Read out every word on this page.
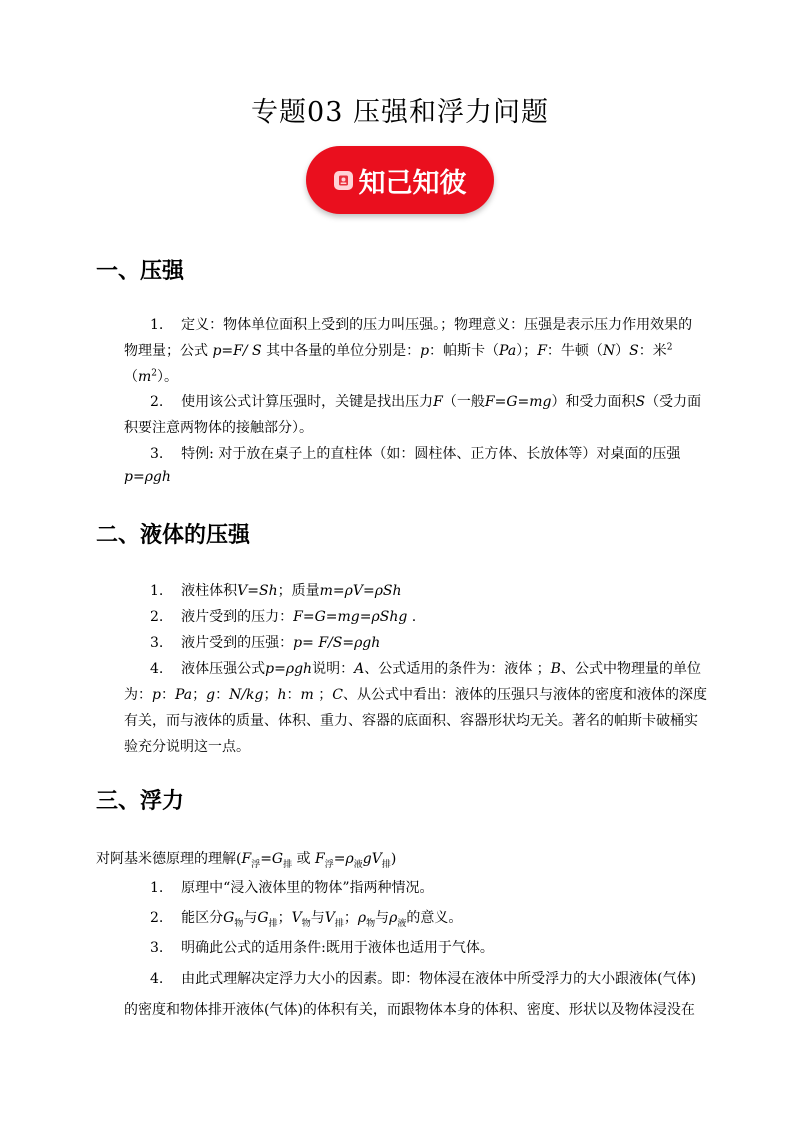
专题03 压强和浮力问题
知己知彼
一、压强
1. 定义：物体单位面积上受到的压力叫压强。；物理意义：压强是表示压力作用效果的
物理量；公式 p=F/ S 其中各量的单位分别是：p：帕斯卡（Pa）；F：牛顿（N）S：米$^2$
$(m^2)$。
2. 使用该公式计算压强时，关键是找出压力F（一般F=G=mg）和受力面积S（受力面
积要注意两物体的接触部分）。
3. 特例: 对于放在桌子上的直柱体（如：圆柱体、正方体、长放体等）对桌面的压强
p=ρgh
二、液体的压强
1. 液柱体积V=Sh；质量m=ρV=ρSh
2. 液片受到的压力：F=G=mg=ρShg .
3. 液片受到的压强：p= F/S=ρgh
4. 液体压强公式p=ρgh说明：A、公式适用的条件为：液体 ；B、公式中物理量的单位
为：p：Pa；g：N/kg；h：m ；C、从公式中看出：液体的压强只与液体的密度和液体的深度
有关，而与液体的质量、体积、重力、容器的底面积、容器形状均无关。著名的帕斯卡破桶实
验充分说明这一点。
三、浮力
对阿基米德原理的理解($F_浮=G_排$ 或 $F_浮=\rho_液gV_排$)
1. 原理中“浸入液体里的物体”指两种情况。
2. 能区分$G_物$与$G_排$；$V_物$与$V_排$；$\rho_物$与$\rho_液$的意义。
3. 明确此公式的适用条件:既用于液体也适用于气体。
4. 由此式理解决定浮力大小的因素。即：物体浸在液体中所受浮力的大小跟液体(气体)
的密度和物体排开液体(气体)的体积有关，而跟物体本身的体积、密度、形状以及物体浸没在
